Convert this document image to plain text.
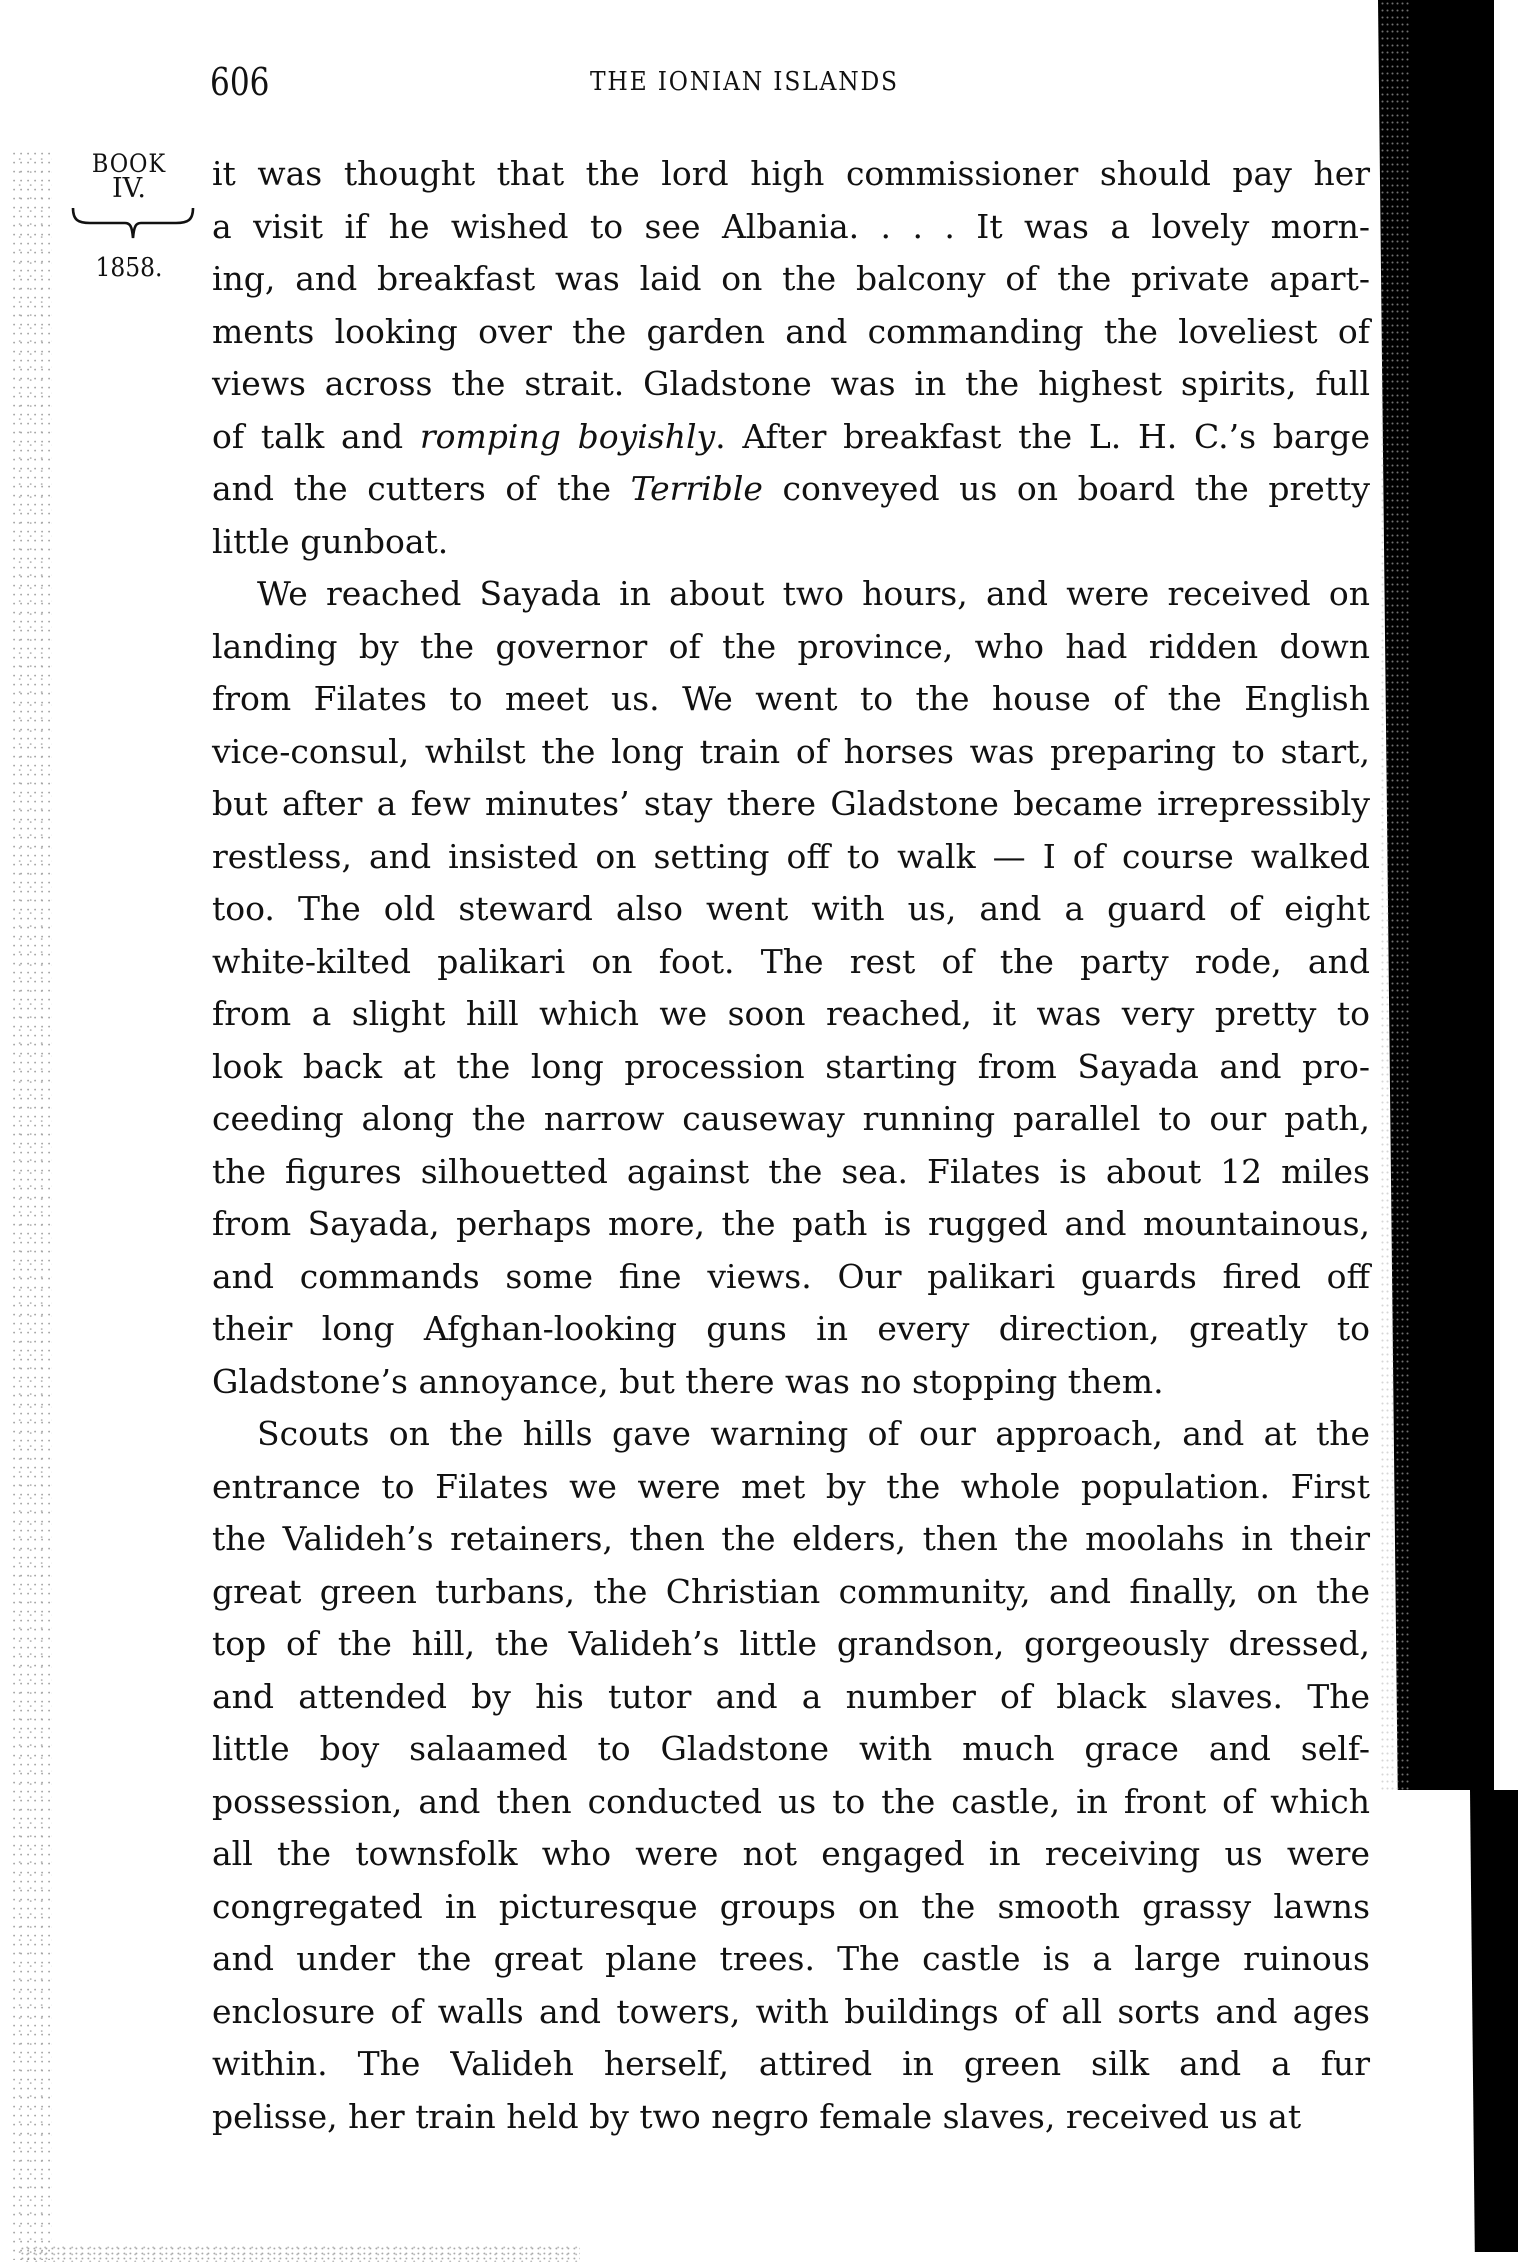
606	THE IONIAN ISLANDS
BOOK
IV.
1858.
it was thought that the lord high commissioner should pay her
a visit if he wished to see Albania. . . . It was a lovely morn-
ing, and breakfast was laid on the balcony of the private apart-
ments looking over the garden and commanding the loveliest of
views across the strait. Gladstone was in the highest spirits, full
of talk and romping boyishly. After breakfast the L. H. C.’s barge
and the cutters of the Terrible conveyed us on board the pretty
little gunboat.
We reached Sayada in about two hours, and were received on
landing by the governor of the province, who had ridden down
from Filates to meet us. We went to the house of the English
vice-consul, whilst the long train of horses was preparing to start,
but after a few minutes’ stay there Gladstone became irrepressibly
restless, and insisted on setting off to walk — I of course walked
too. The old steward also went with us, and a guard of eight
white-kilted palikari on foot. The rest of the party rode, and
from a slight hill which we soon reached, it was very pretty to
look back at the long procession starting from Sayada and pro-
ceeding along the narrow causeway running parallel to our path,
the figures silhouetted against the sea. Filates is about 12 miles
from Sayada, perhaps more, the path is rugged and mountainous,
and commands some fine views. Our palikari guards fired off
their long Afghan-looking guns in every direction, greatly to
Gladstone’s annoyance, but there was no stopping them.
Scouts on the hills gave warning of our approach, and at the
entrance to Filates we were met by the whole population. First
the Valideh’s retainers, then the elders, then the moolahs in their
great green turbans, the Christian community, and finally, on the
top of the hill, the Valideh’s little grandson, gorgeously dressed,
and attended by his tutor and a number of black slaves. The
little boy salaamed to Gladstone with much grace and self-
possession, and then conducted us to the castle, in front of which
all the townsfolk who were not engaged in receiving us were
congregated in picturesque groups on the smooth grassy lawns
and under the great plane trees. The castle is a large ruinous
enclosure of walls and towers, with buildings of all sorts and ages
within. The Valideh herself, attired in green silk and a fur
pelisse, her train held by two negro female slaves, received us at
